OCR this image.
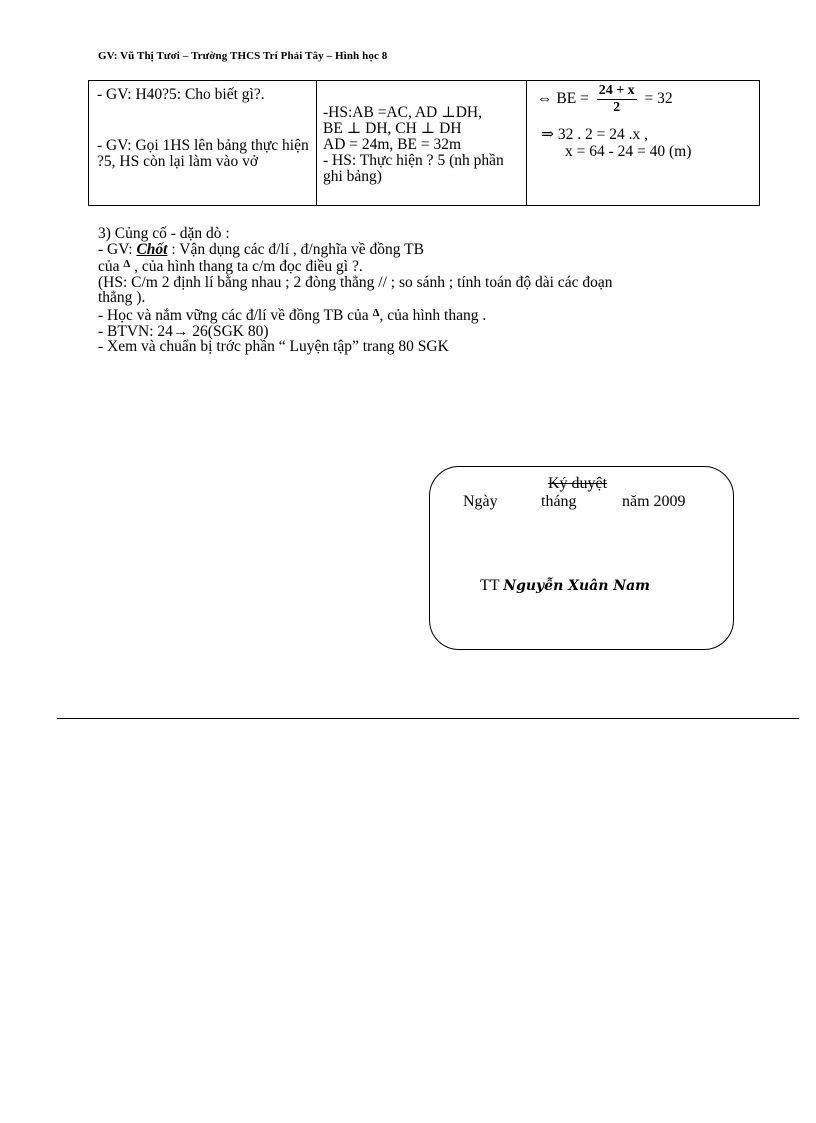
GV: Vũ Thị Tươi – Trường THCS Trí Phải Tây – Hình học 8
- GV: H40?5: Cho biết gì?.
- GV: Gọi 1HS lên bảng thực hiện ?5, HS còn lại làm vào vở
-HS:AB =AC, AD ⊥DH,
BE ⊥ DH, CH ⊥ DH
AD = 24m, BE = 32m
- HS: Thực hiện ? 5 (nh phần ghi bảng)
⇔ BE = $\frac{24 + x}{2} = 32$
⇒ 32 . 2 = 24 .x ,
x = 64 - 24 = 40 (m)
3) Củng cố - dặn dò :
- GV: Chốt : Vận dụng các đ/lí , đ/nghĩa về đồng TB
của $^\Delta$ , của hình thang ta c/m đọc điều gì ?.
(HS: C/m 2 định lí bằng nhau ; 2 đòng thẳng // ; so sánh ; tính toán độ dài các đoạn
thẳng ).
- Học và nắm vững các đ/lí về đồng TB của $^\Delta$, của hình thang .
- BTVN: 24→ 26(SGK 80)
- Xem và chuẩn bị trớc phần “ Luyện tập” trang 80 SGK
Ký duyệt
Ngày	tháng	năm 2009
TT Nguyễn Xuân Nam
